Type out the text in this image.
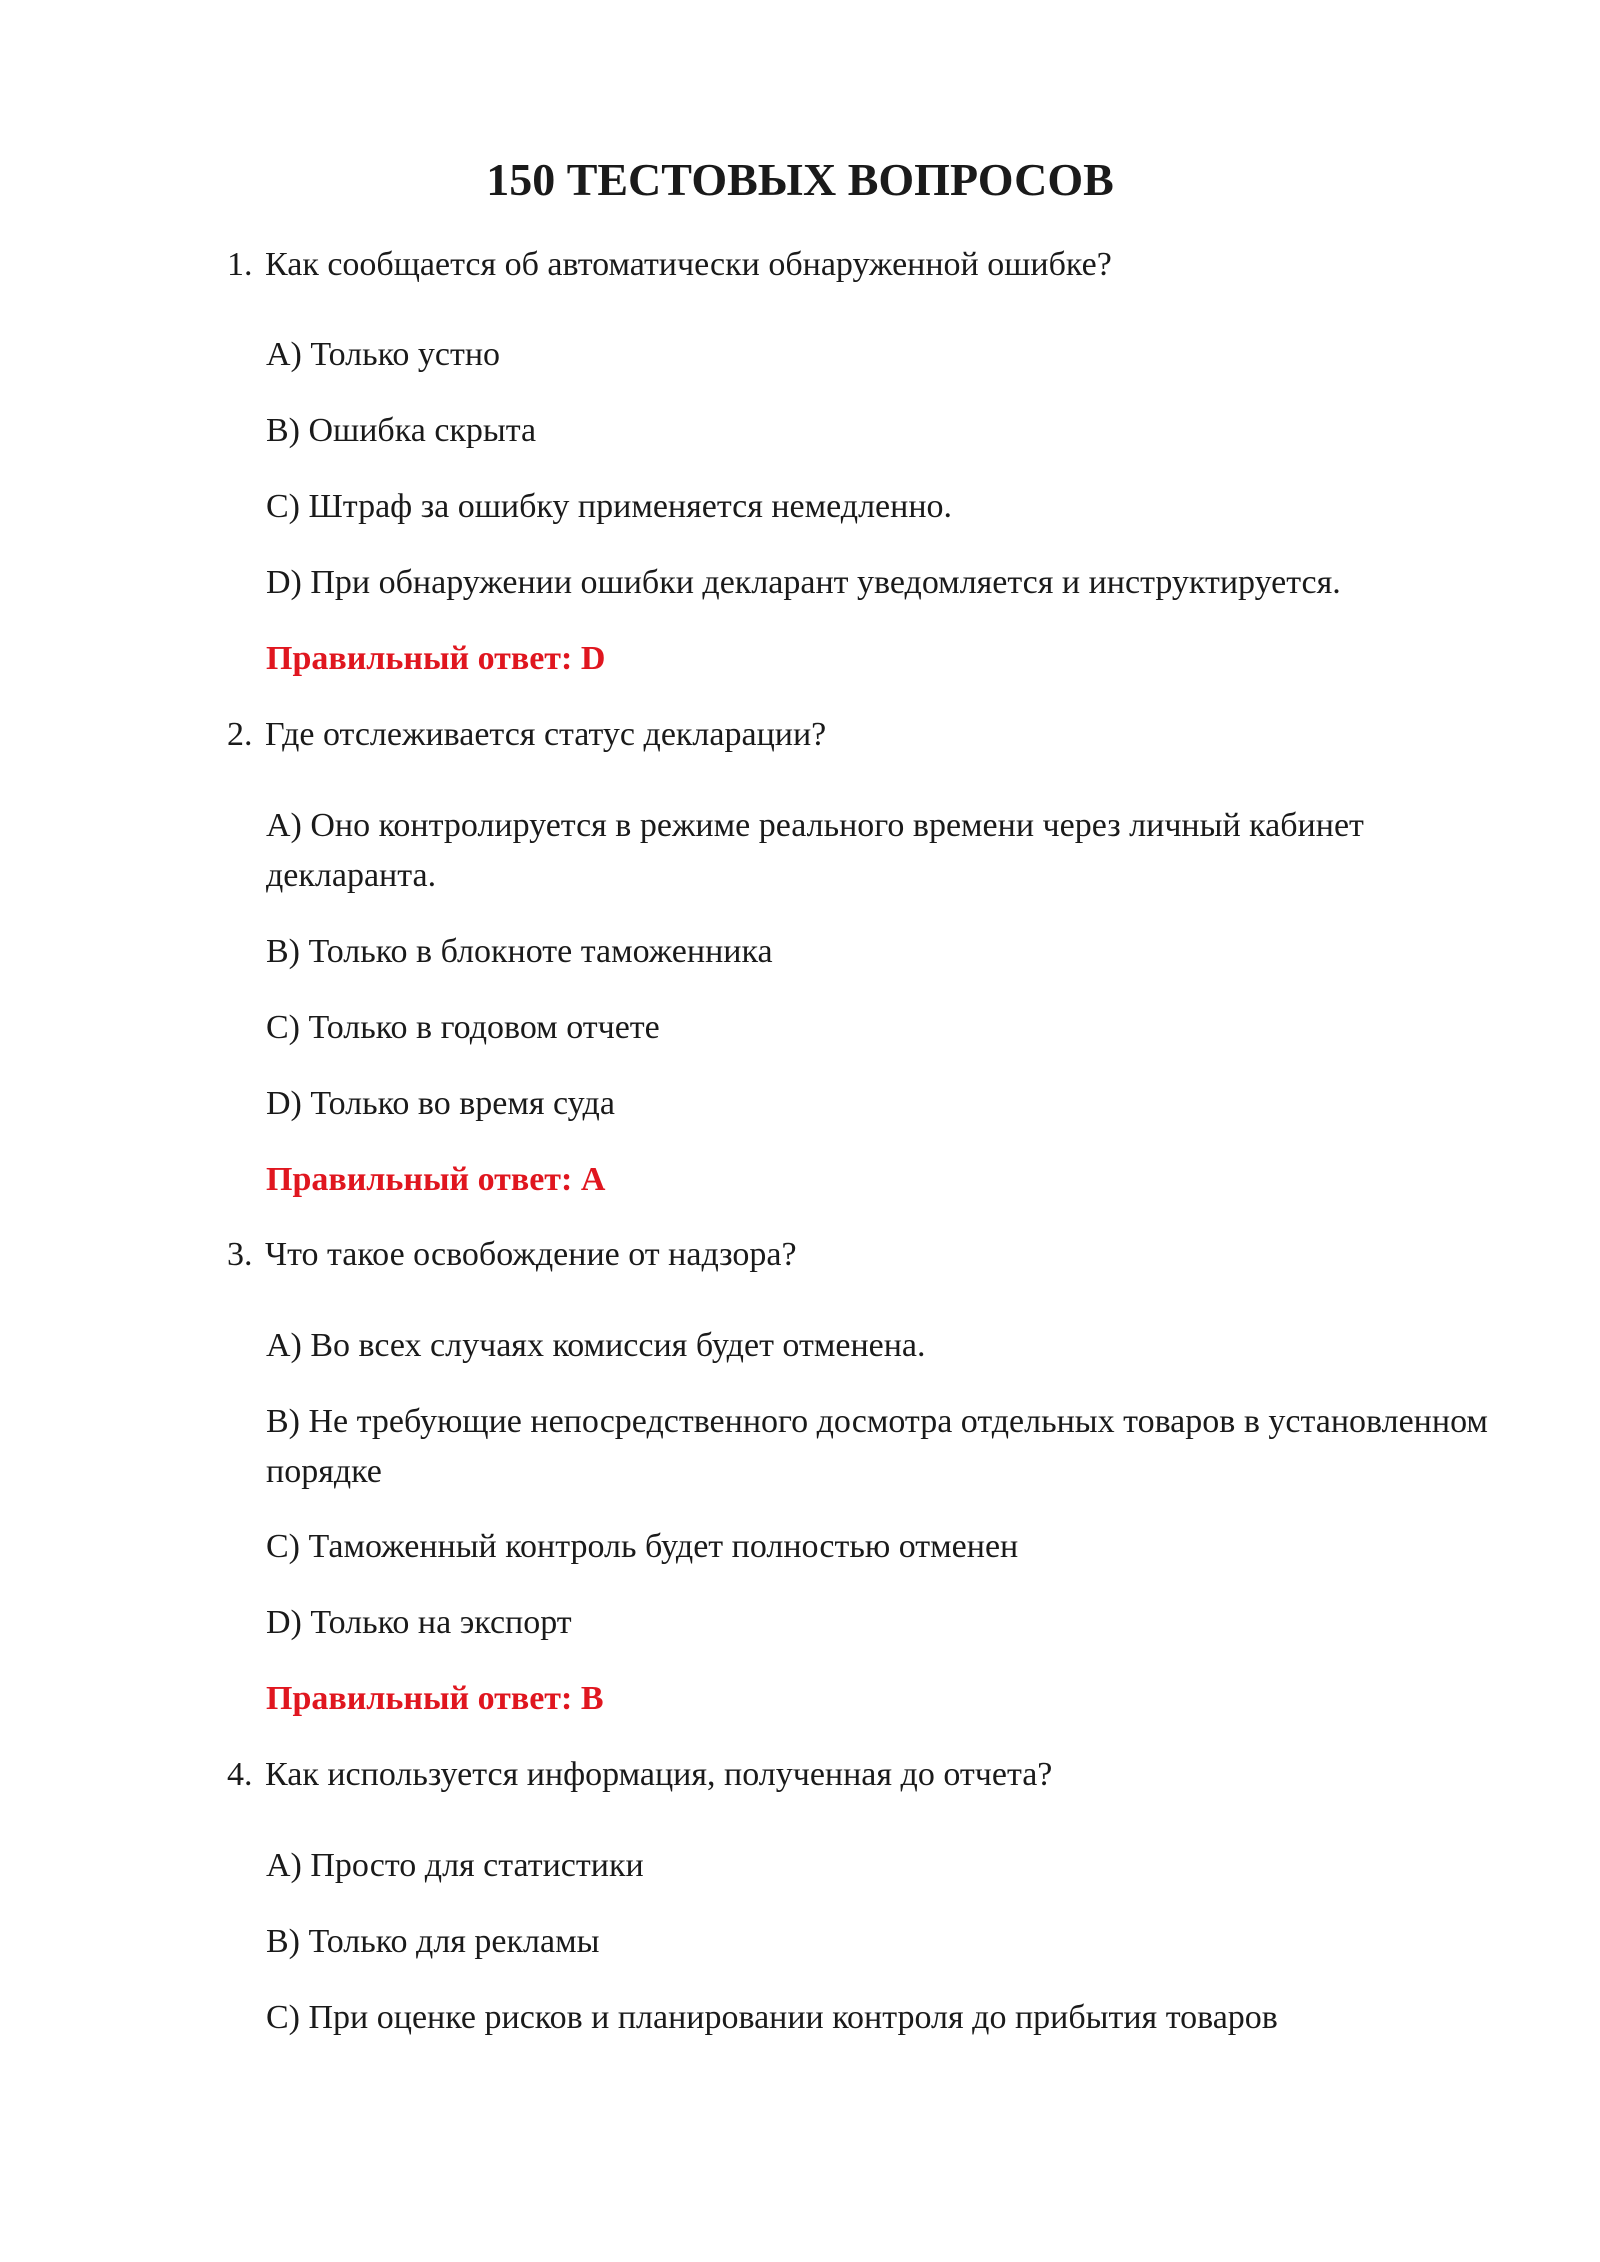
150 ТЕСТОВЫХ ВОПРОСОВ

1. Как сообщается об автоматически обнаруженной ошибке?

A) Только устно

B) Ошибка скрыта

C) Штраф за ошибку применяется немедленно.

D) При обнаружении ошибки декларант уведомляется и инструктируется.

Правильный ответ: D

2. Где отслеживается статус декларации?

A) Оно контролируется в режиме реального времени через личный кабинет декларанта.

B) Только в блокноте таможенника

C) Только в годовом отчете

D) Только во время суда

Правильный ответ: A

3. Что такое освобождение от надзора?

A) Во всех случаях комиссия будет отменена.

B) Не требующие непосредственного досмотра отдельных товаров в установленном порядке

C) Таможенный контроль будет полностью отменен

D) Только на экспорт

Правильный ответ: B

4. Как используется информация, полученная до отчета?

A) Просто для статистики

B) Только для рекламы

C) При оценке рисков и планировании контроля до прибытия товаров
